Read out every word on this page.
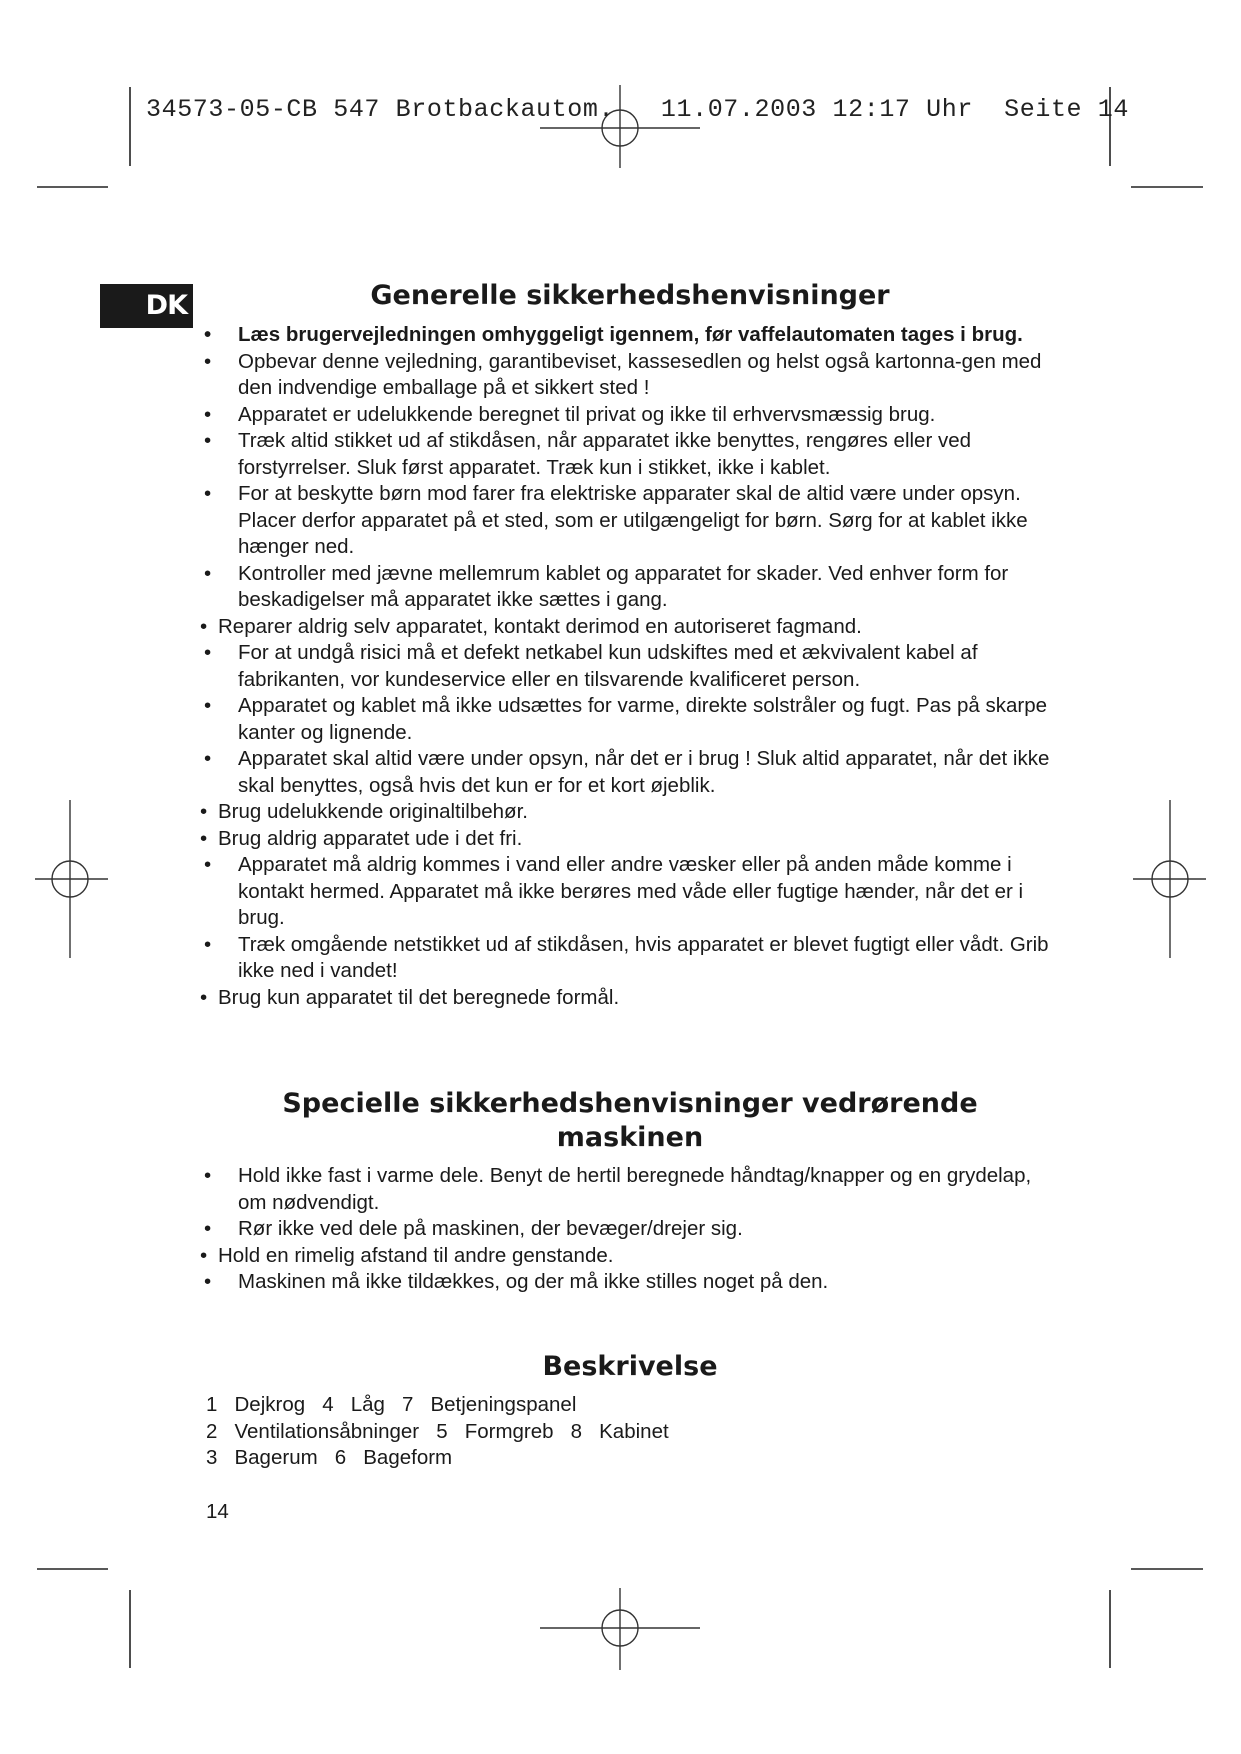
34573-05-CB 547 Brotbackautom.   11.07.2003 12:17 Uhr  Seite 14
DK	Generelle sikkerhedshenvisninger
• Læs brugervejledningen omhyggeligt igennem, før vaffelautomaten tages i brug.
• Opbevar denne vejledning, garantibeviset, kassesedlen og helst også kartonna-gen med den indvendige emballage på et sikkert sted !
• Apparatet er udelukkende beregnet til privat og ikke til erhvervsmæssig brug.
• Træk altid stikket ud af stikdåsen, når apparatet ikke benyttes, rengøres eller ved forstyrrelser. Sluk først apparatet. Træk kun i stikket, ikke i kablet.
• For at beskytte børn mod farer fra elektriske apparater skal de altid være under opsyn. Placer derfor apparatet på et sted, som er utilgængeligt for børn. Sørg for at kablet ikke hænger ned.
• Kontroller med jævne mellemrum kablet og apparatet for skader. Ved enhver form for beskadigelser må apparatet ikke sættes i gang.
• Reparer aldrig selv apparatet, kontakt derimod en autoriseret fagmand.
• For at undgå risici må et defekt netkabel kun udskiftes med et ækvivalent kabel af fabrikanten, vor kundeservice eller en tilsvarende kvalificeret person.
• Apparatet og kablet må ikke udsættes for varme, direkte solstråler og fugt. Pas på skarpe kanter og lignende.
• Apparatet skal altid være under opsyn, når det er i brug ! Sluk altid apparatet, når det ikke skal benyttes, også hvis det kun er for et kort øjeblik.
• Brug udelukkende originaltilbehør.
• Brug aldrig apparatet ude i det fri.
• Apparatet må aldrig kommes i vand eller andre væsker eller på anden måde komme i kontakt hermed. Apparatet må ikke berøres med våde eller fugtige hænder, når det er i brug.
• Træk omgående netstikket ud af stikdåsen, hvis apparatet er blevet fugtigt eller vådt. Grib ikke ned i vandet!
• Brug kun apparatet til det beregnede formål.
Specielle sikkerhedshenvisninger vedrørende
maskinen
• Hold ikke fast i varme dele. Benyt de hertil beregnede håndtag/knapper og en grydelap, om nødvendigt.
• Rør ikke ved dele på maskinen, der bevæger/drejer sig.
• Hold en rimelig afstand til andre genstande.
• Maskinen må ikke tildækkes, og der må ikke stilles noget på den.
Beskrivelse
1   Dejkrog   4   Låg   7   Betjeningspanel
2   Ventilationsåbninger   5   Formgreb   8   Kabinet
3   Bagerum   6   Bageform
14
